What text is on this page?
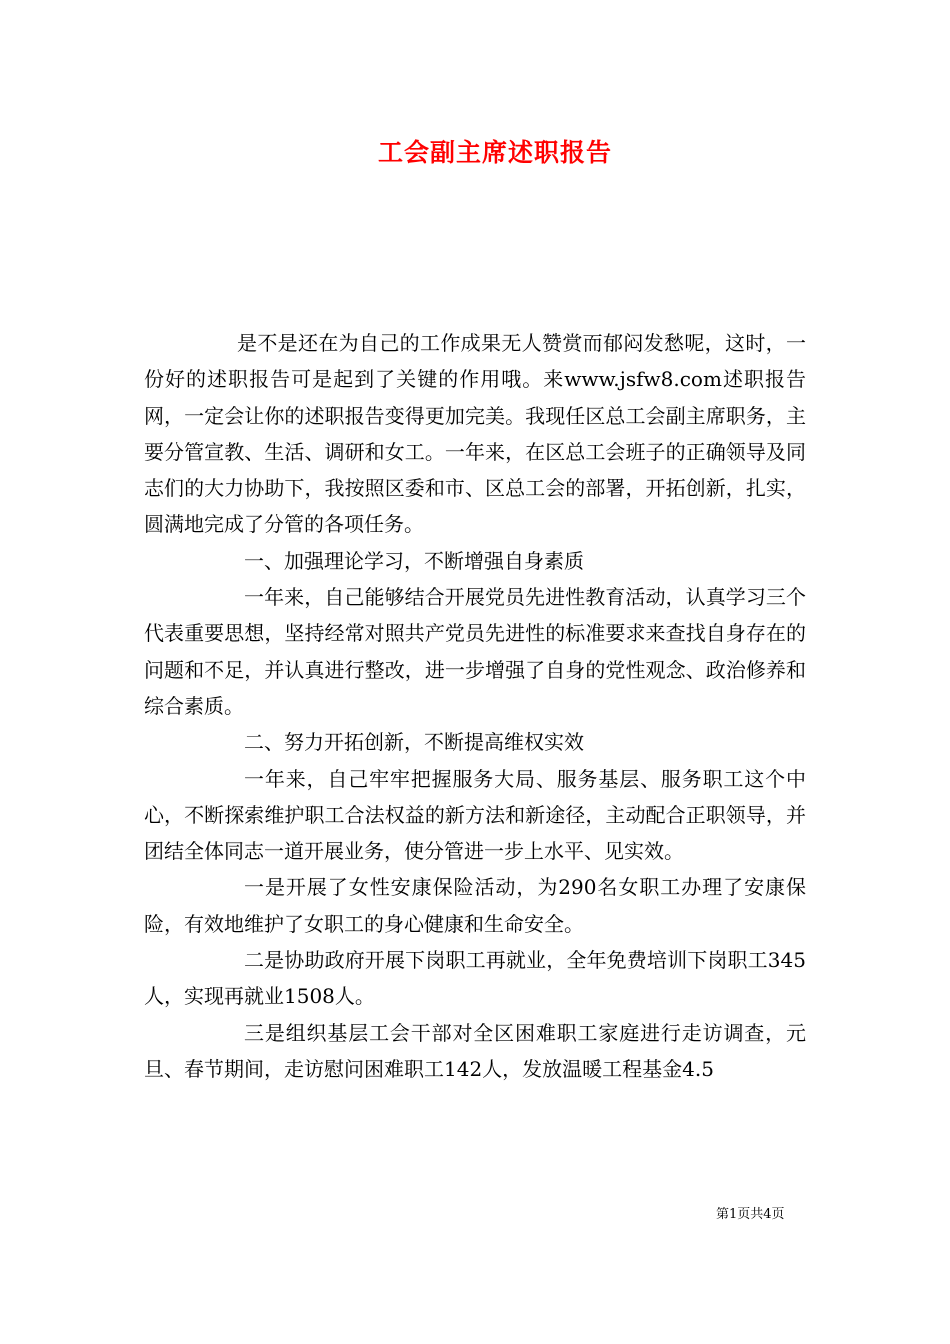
工会副主席述职报告

是不是还在为自己的工作成果无人赞赏而郁闷发愁呢，这时，一份好的述职报告可是起到了关键的作用哦。来www.jsfw8.com述职报告网，一定会让你的述职报告变得更加完美。我现任区总工会副主席职务，主要分管宣教、生活、调研和女工。一年来，在区总工会班子的正确领导及同志们的大力协助下，我按照区委和市、区总工会的部署，开拓创新，扎实，圆满地完成了分管的各项任务。

一、加强理论学习，不断增强自身素质

一年来，自己能够结合开展党员先进性教育活动，认真学习三个代表重要思想，坚持经常对照共产党员先进性的标准要求来查找自身存在的问题和不足，并认真进行整改，进一步增强了自身的党性观念、政治修养和综合素质。

二、努力开拓创新，不断提高维权实效

一年来，自己牢牢把握服务大局、服务基层、服务职工这个中心，不断探索维护职工合法权益的新方法和新途径，主动配合正职领导，并团结全体同志一道开展业务，使分管进一步上水平、见实效。

一是开展了女性安康保险活动，为290名女职工办理了安康保险，有效地维护了女职工的身心健康和生命安全。

二是协助政府开展下岗职工再就业，全年免费培训下岗职工345人，实现再就业1508人。

三是组织基层工会干部对全区困难职工家庭进行走访调查，元旦、春节期间，走访慰问困难职工142人，发放温暖工程基金4.5

第1页共4页
